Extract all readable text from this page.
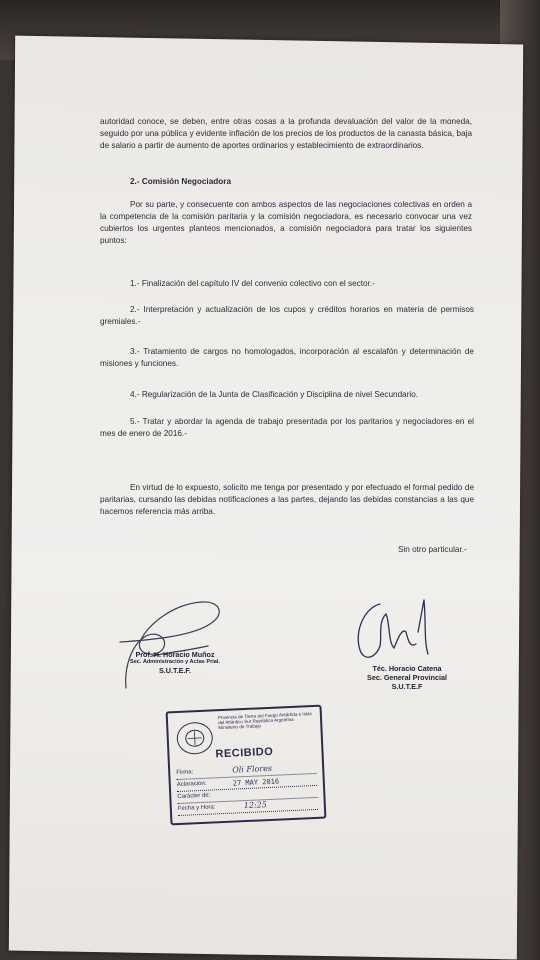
autoridad conoce, se deben, entre otras cosas a la profunda devaluación del valor de la moneda, seguido por una pública y evidente inflación de los precios de los productos de la canasta básica, baja de salario a partir de aumento de aportes ordinarios y establecimiento de extraordinarios.

2.- Comisión Negociadora

Por su parte, y consecuente con ambos aspectos de las negociaciones colectivas en orden a la competencia de la comisión paritaria y la comisión negociadora, es necesario convocar una vez cubiertos los urgentes planteos mencionados, a comisión negociadora para tratar los siguientes puntos:

1.- Finalización del capítulo IV del convenio colectivo con el sector.-

2.- Interpretación y actualización de los cupos y créditos horarios en materia de permisos gremiales.-

3.- Tratamiento de cargos no homologados, incorporación al escalafón y determinación de misiones y funciones.

4.- Regularización de la Junta de Clasificación y Disciplina de nivel Secundario.

5.- Tratar y abordar la agenda de trabajo presentada por los paritarios y negociadores en el mes de enero de 2016.-

En virtud de lo expuesto, solicito me tenga por presentado y por efectuado el formal pedido de paritarias, cursando las debidas notificaciones a las partes, dejando las debidas constancias a las que hacemos referencia más arriba.

Sin otro particular.-

Prof. H. Horacio Muñoz
Sec. Administración y Actas Prial.
S.U.T.E.F.	Téc. Horacio Catena
Sec. General Provincial
S.U.T.E.F
Provincia de Tierra del Fuego Antártida e Islas del Atlántico Sur República Argentina Ministerio de Trabajo
RECIBIDO
Firma:	Oli Flores
Aclaración:	27 MAY 2016
Carácter de:
Fecha y Hora:	12:25
